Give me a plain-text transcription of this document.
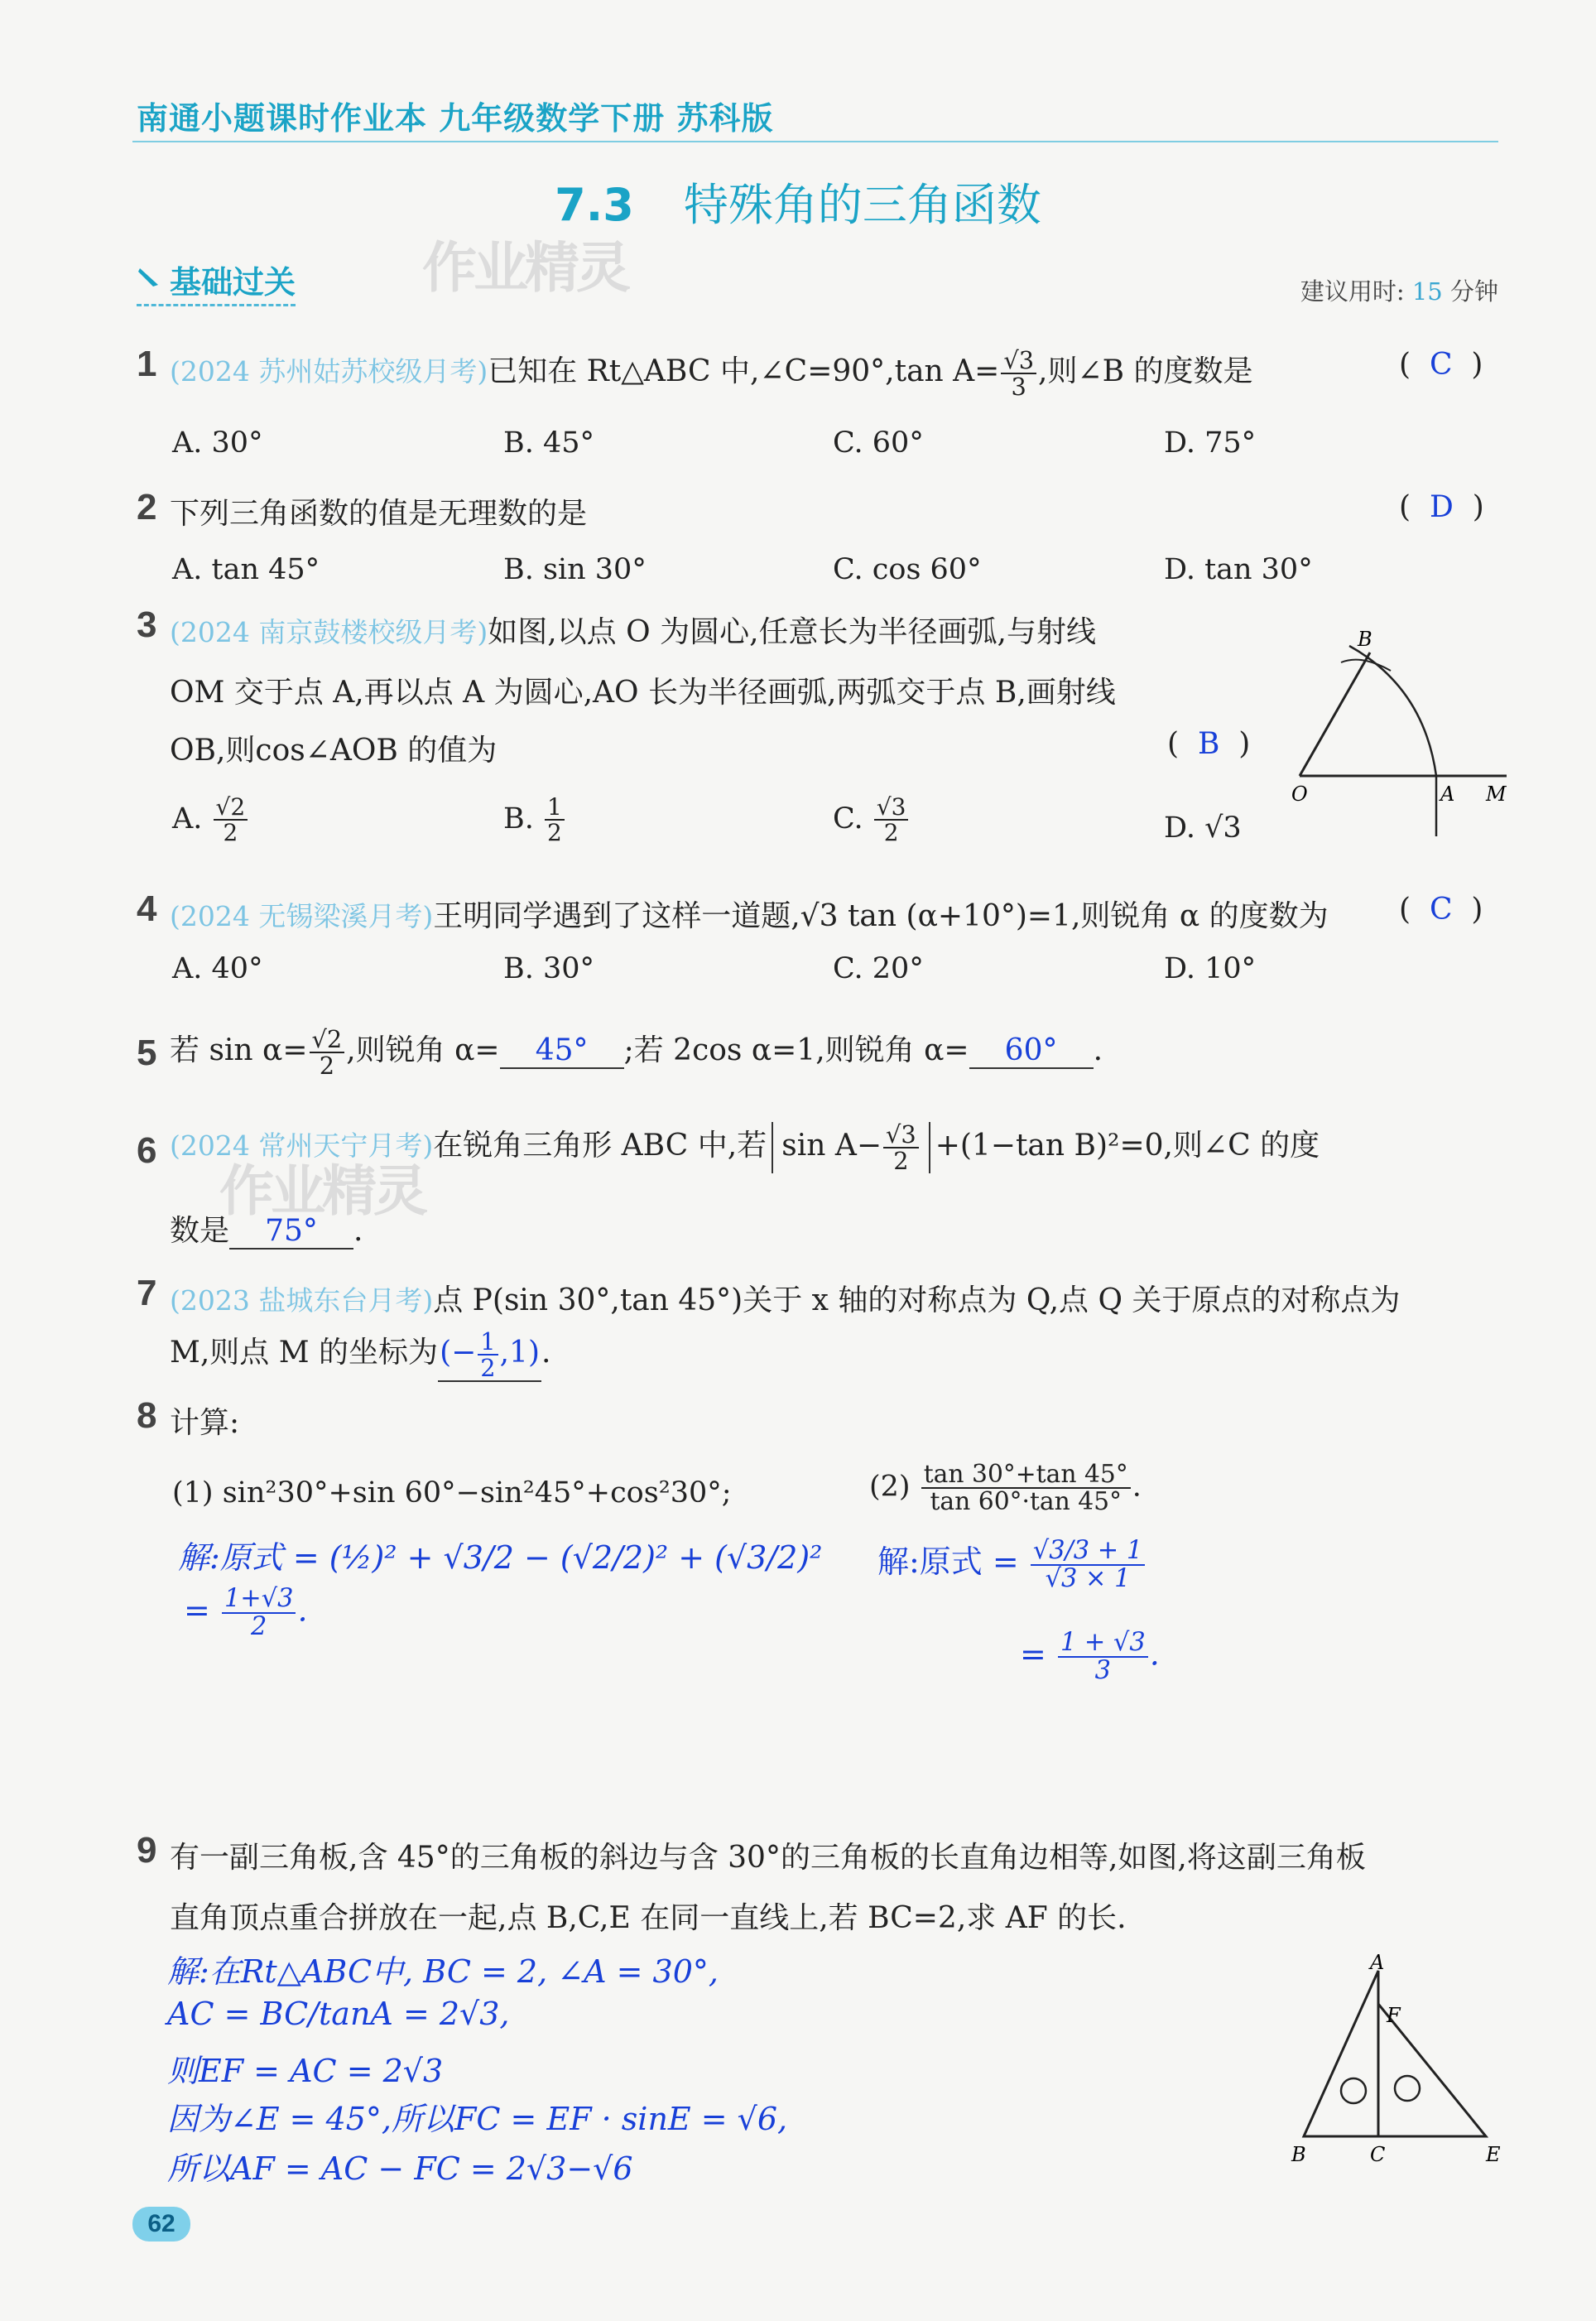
南通小题课时作业本 九年级数学下册 苏科版
7.3 特殊角的三角函数
作业精灵
基础过关	建议用时: 15 分钟
1 (2024 苏州姑苏校级月考)已知在 Rt△ABC 中,∠C=90°,tan $A= \frac{√3}{3}$ ,则∠B 的度数是	(  C  )
A. 30°	B. 45°	C. 60°	D. 75°
2 下列三角函数的值是无理数的是	(  D  )
A. tan 45°	B. sin 30°	C. cos 60°	D. tan 30°
3 (2024 南京鼓楼校级月考)如图,以点 O 为圆心,任意长为半径画弧,与射线
OM 交于点 A,再以点 A 为圆心,AO 长为半径画弧,两弧交于点 B,画射线
OB,则cos∠AOB 的值为	(  B  )
A. $\frac{√2}{2}$	B. $\frac{1}{2}$	C. $\frac{√3}{2}$	D. √3
B
O	A M
4 (2024 无锡梁溪月考)王明同学遇到了这样一道题,√3 tan (α+10°)=1,则锐角 α 的度数为 (  C  )
A. 40°	B. 30°	C. 20°	D. 10°
5 若 $\sin \alpha= \frac{√2}{2}$ ,则锐角 α= 45° ;若 2cos α=1,则锐角 α= 60° .
6 (2024 常州天宁月考)在锐角三角形 ABC 中,若 $\sin A- \frac{√3}{2} +(1-\tan$ B)²=0,则∠C 的度
数是 75° .
作业精灵
7 (2023 盐城东台月考)点 P(sin 30°,tan 45°)关于 x 轴的对称点为 Q,点 Q 关于原点的对称点为
M,则点 M 的坐标为(− $\frac{1}{2} ,1$).
8 计算:
(1) sin²30°+sin 60°−sin²45°+cos²30°;	$(2) \frac{\tan 30^\circ+\tan 45^\circ}{\tan 60^\circ\cdot\tan 45^\circ}$ .
解:原式 = (½)² + √3/2 − (√2/2)² + (√3/2)²
= $\frac{1+√3}{2}$ .
解:原式 = $\frac{√3/3 + 1}{√3 \times 1}$
= $\frac{1 + √3}{3}$ .
9 有一副三角板,含 45°的三角板的斜边与含 30°的三角板的长直角边相等,如图,将这副三角板
直角顶点重合拼放在一起,点 B,C,E 在同一直线上,若 BC=2,求 AF 的长.
解:在Rt△ABC中, BC = 2, ∠A = 30°,
AC = BC/tanA = 2√3,
则EF = AC = 2√3
因为∠E = 45°,所以FC = EF · sinE = √6,
所以AF = AC − FC = 2√3−√6
A
F
B	C	E
62
